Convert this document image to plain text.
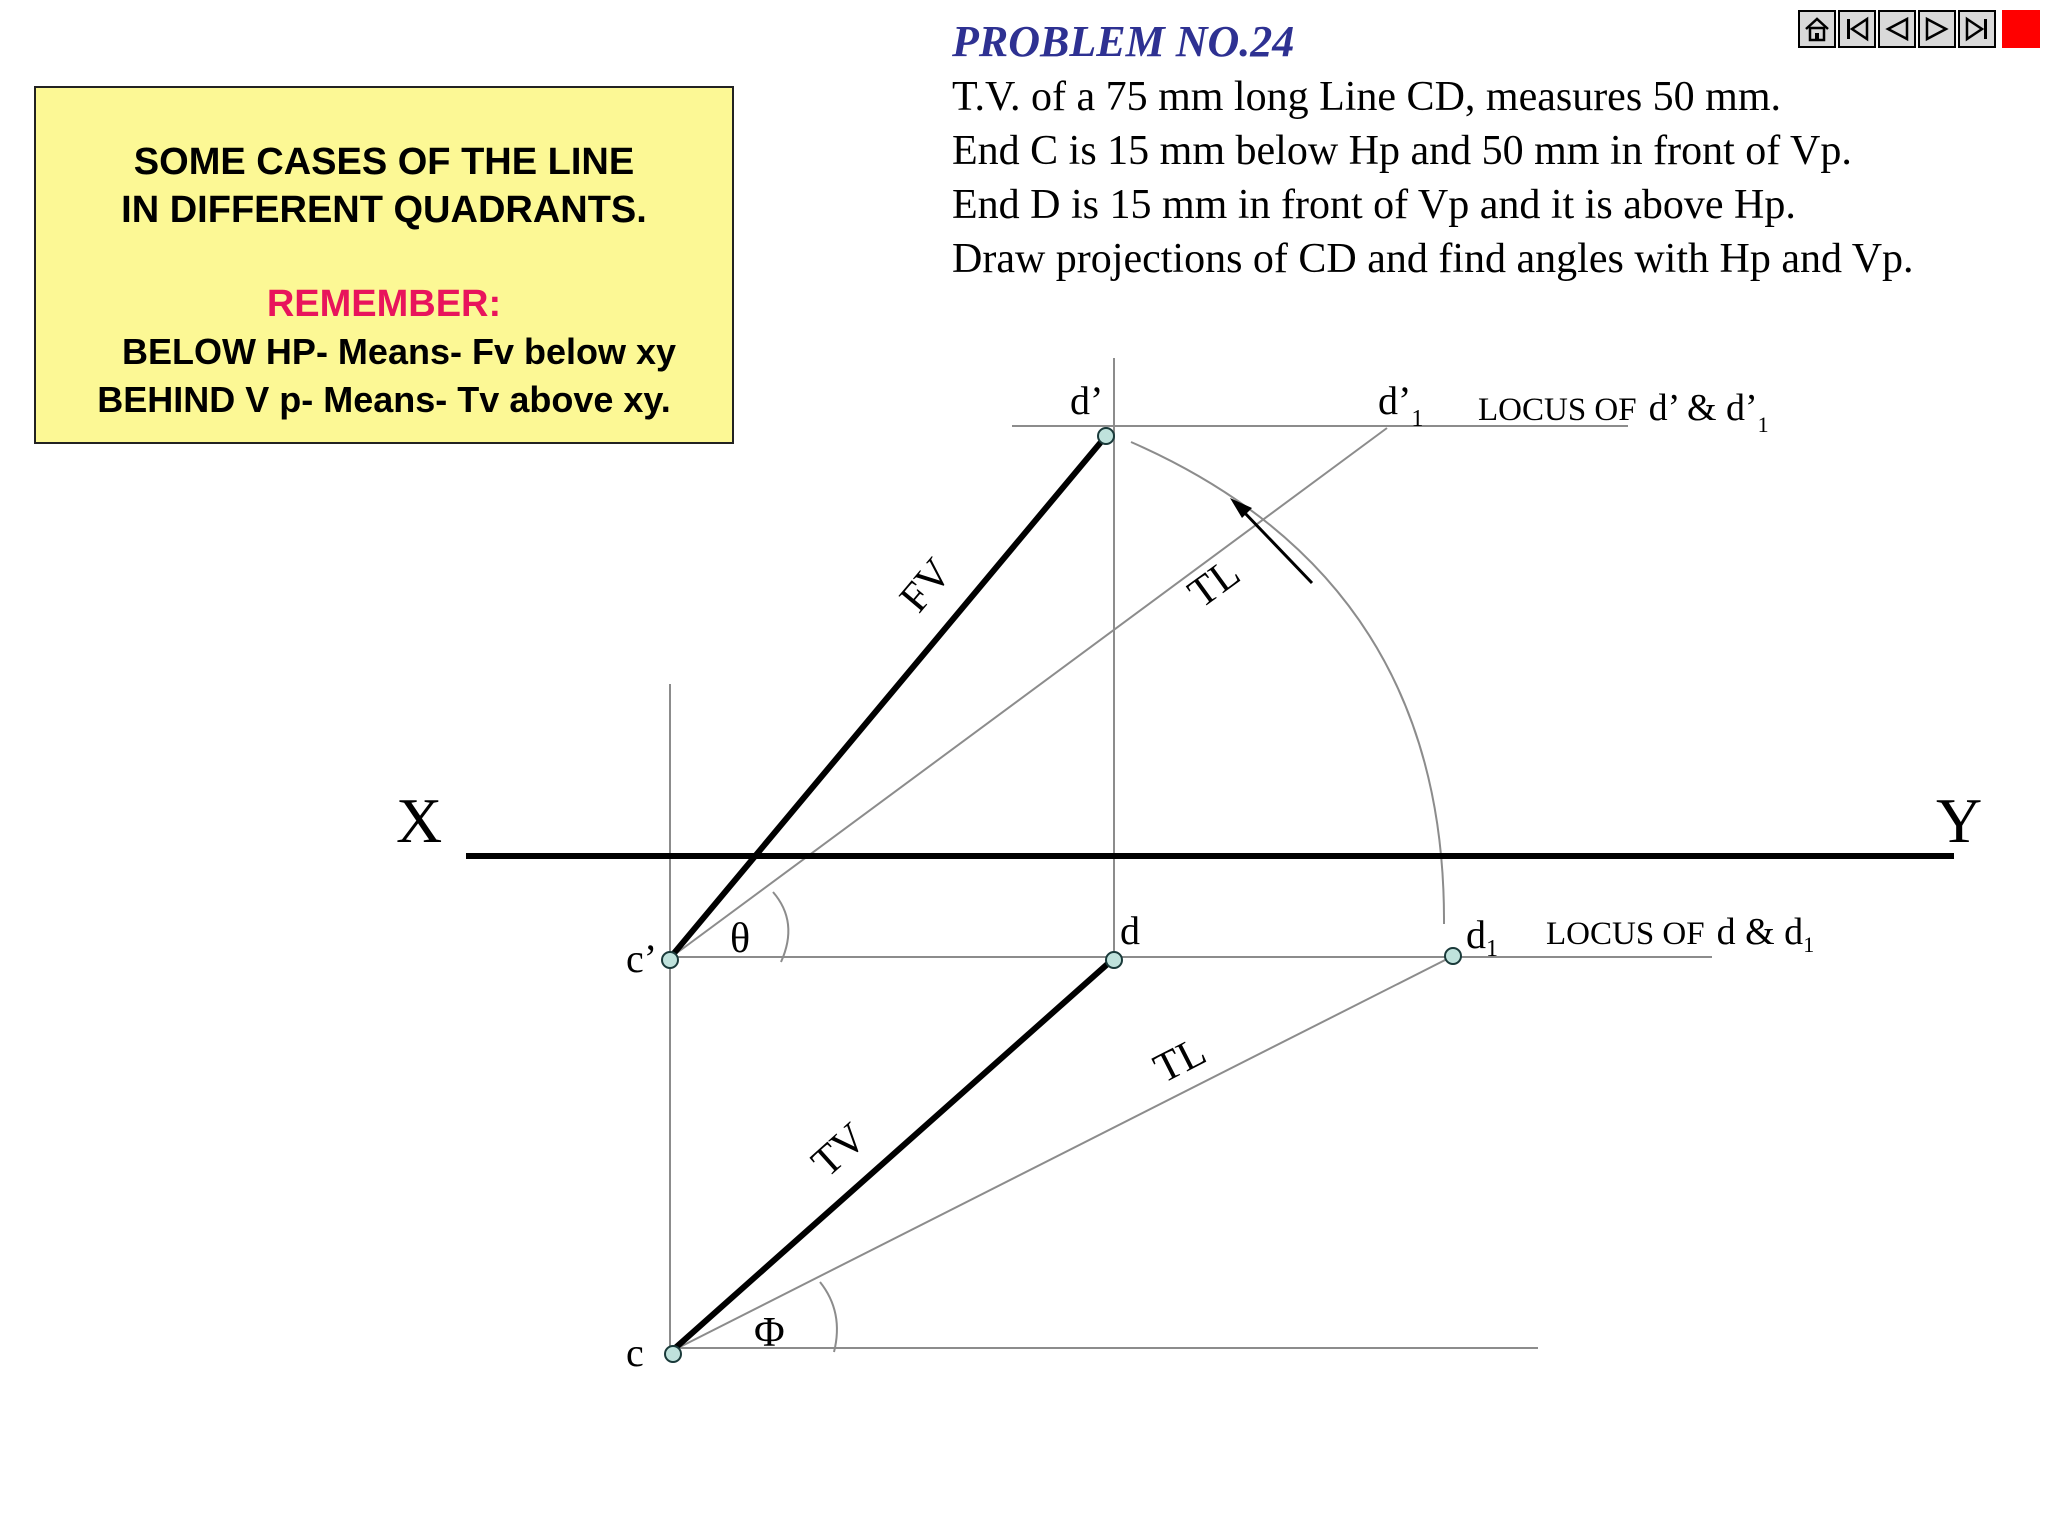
SOME CASES OF THE LINE
IN DIFFERENT QUADRANTS.
REMEMBER:
BELOW HP- Means- Fv below xy
BEHIND V p- Means- Tv above xy.
PROBLEM NO.24
T.V. of a 75 mm long Line CD, measures 50 mm.
End C is 15 mm below Hp and 50 mm in front of Vp.
End D is 15 mm in front of Vp and it is above Hp.
Draw projections of CD and find angles with Hp and Vp.
X	Y
d’	$d’_1$
c’
d	$d_1$
c
LOCUS OF d’ & d’1
LOCUS OF d & d1
FV	TL
TV
TL
θ
Φ
